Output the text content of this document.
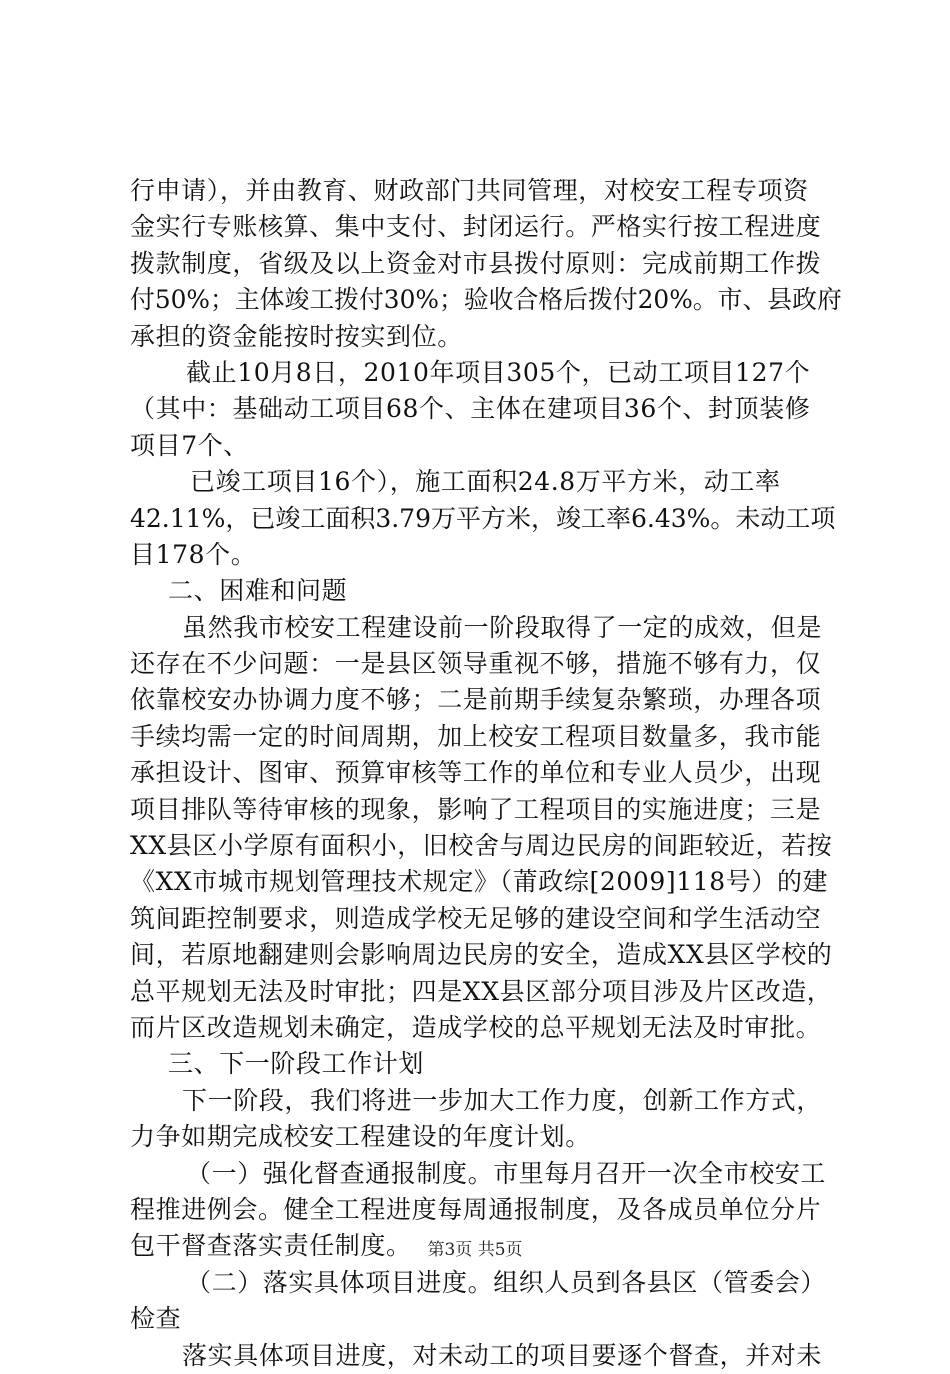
行申请），并由教育、财政部门共同管理，对校安工程专项资
金实行专账核算、集中支付、封闭运行。严格实行按工程进度
拨款制度，省级及以上资金对市县拨付原则：完成前期工作拨
付50%；主体竣工拨付30%；验收合格后拨付20%。市、县政府
承担的资金能按时按实到位。
截止10月8日，2010年项目305个，已动工项目127个
（其中：基础动工项目68个、主体在建项目36个、封顶装修
项目7个、
已竣工项目16个），施工面积24.8万平方米，动工率
42.11%，已竣工面积3.79万平方米，竣工率6.43%。未动工项
目178个。
二、困难和问题
虽然我市校安工程建设前一阶段取得了一定的成效，但是
还存在不少问题：一是县区领导重视不够，措施不够有力，仅
依靠校安办协调力度不够；二是前期手续复杂繁琐，办理各项
手续均需一定的时间周期，加上校安工程项目数量多，我市能
承担设计、图审、预算审核等工作的单位和专业人员少，出现
项目排队等待审核的现象，影响了工程项目的实施进度；三是
XX县区小学原有面积小，旧校舍与周边民房的间距较近，若按
《XX市城市规划管理技术规定》（莆政综[2009]118号）的建
筑间距控制要求，则造成学校无足够的建设空间和学生活动空
间，若原地翻建则会影响周边民房的安全，造成XX县区学校的
总平规划无法及时审批；四是XX县区部分项目涉及片区改造，
而片区改造规划未确定，造成学校的总平规划无法及时审批。
三、下一阶段工作计划
下一阶段，我们将进一步加大工作力度，创新工作方式，
力争如期完成校安工程建设的年度计划。
（一）强化督查通报制度。市里每月召开一次全市校安工
程推进例会。健全工程进度每周通报制度，及各成员单位分片
包干督查落实责任制度。
（二）落实具体项目进度。组织人员到各县区（管委会）
检查
落实具体项目进度，对未动工的项目要逐个督查，并对未
第3页 共5页
